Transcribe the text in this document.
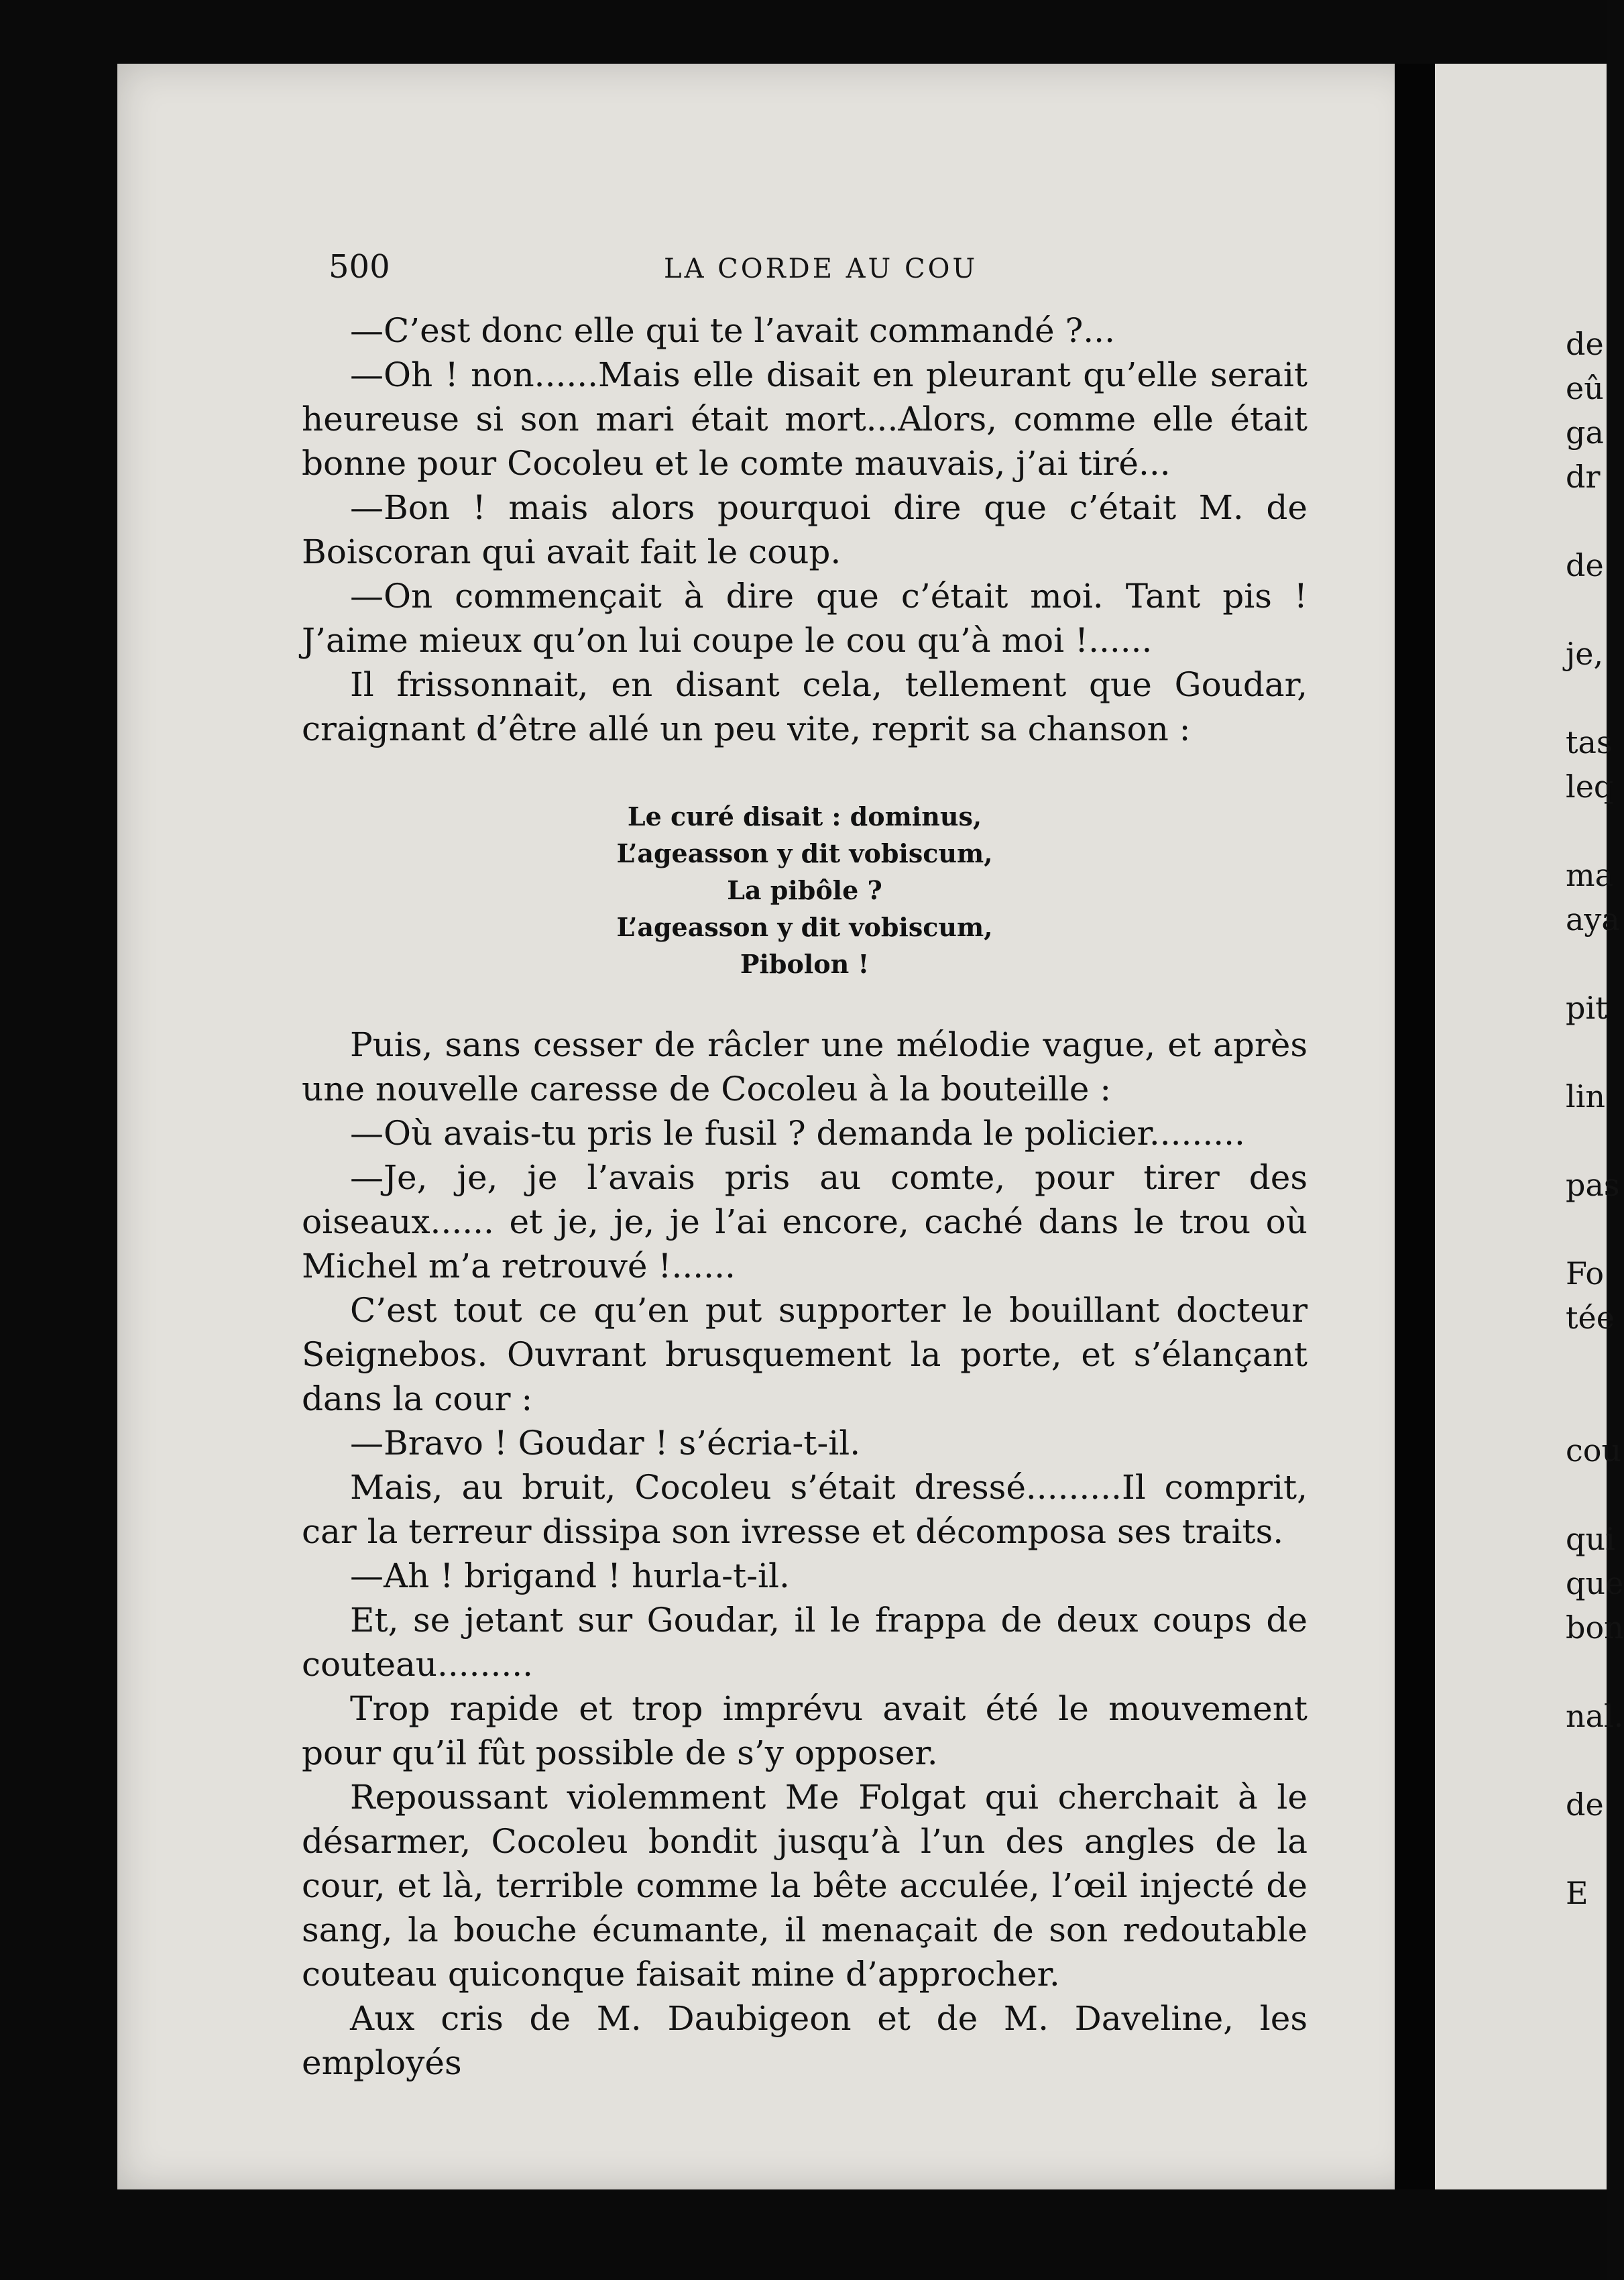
500	LA CORDE AU COU

—C’est donc elle qui te l’avait commandé ?...

—Oh ! non......Mais elle disait en pleurant qu’elle serait heureuse si son mari était mort...Alors, comme elle était bonne pour Cocoleu et le comte mauvais, j’ai tiré...

—Bon ! mais alors pourquoi dire que c’était M. de Boiscoran qui avait fait le coup.

—On commençait à dire que c’était moi. Tant pis ! J’aime mieux qu’on lui coupe le cou qu’à moi !......

Il frissonnait, en disant cela, tellement que Goudar, craignant d’être allé un peu vite, reprit sa chanson :

Le curé disait : dominus,
L’ageasson y dit vobiscum,
La pibôle ?
L’ageasson y dit vobiscum,
Pibolon !

Puis, sans cesser de râcler une mélodie vague, et après une nouvelle caresse de Cocoleu à la bouteille :

—Où avais-tu pris le fusil ? demanda le policier.........

—Je, je, je l’avais pris au comte, pour tirer des oiseaux...... et je, je, je l’ai encore, caché dans le trou où Michel m’a retrouvé !......

C’est tout ce qu’en put supporter le bouillant docteur Seignebos. Ouvrant brusquement la porte, et s’élançant dans la cour :

—Bravo ! Goudar ! s’écria-t-il.

Mais, au bruit, Cocoleu s’était dressé.........Il comprit, car la terreur dissipa son ivresse et décomposa ses traits.

—Ah ! brigand ! hurla-t-il.

Et, se jetant sur Goudar, il le frappa de deux coups de couteau.........

Trop rapide et trop imprévu avait été le mouvement pour qu’il fût possible de s’y opposer.

Repoussant violemment Me Folgat qui cherchait à le désarmer, Cocoleu bondit jusqu’à l’un des angles de la cour, et là, terrible comme la bête acculée, l’œil injecté de sang, la bouche écumante, il menaçait de son redoutable couteau quiconque faisait mine d’approcher.

Aux cris de M. Daubigeon et de M. Daveline, les employés

de
eû
ga
dr
de
je,
tas
leq
ma
aya
pit
lin
pas
Fo
tée
cou
qui
que
bon
nal.
de
E
